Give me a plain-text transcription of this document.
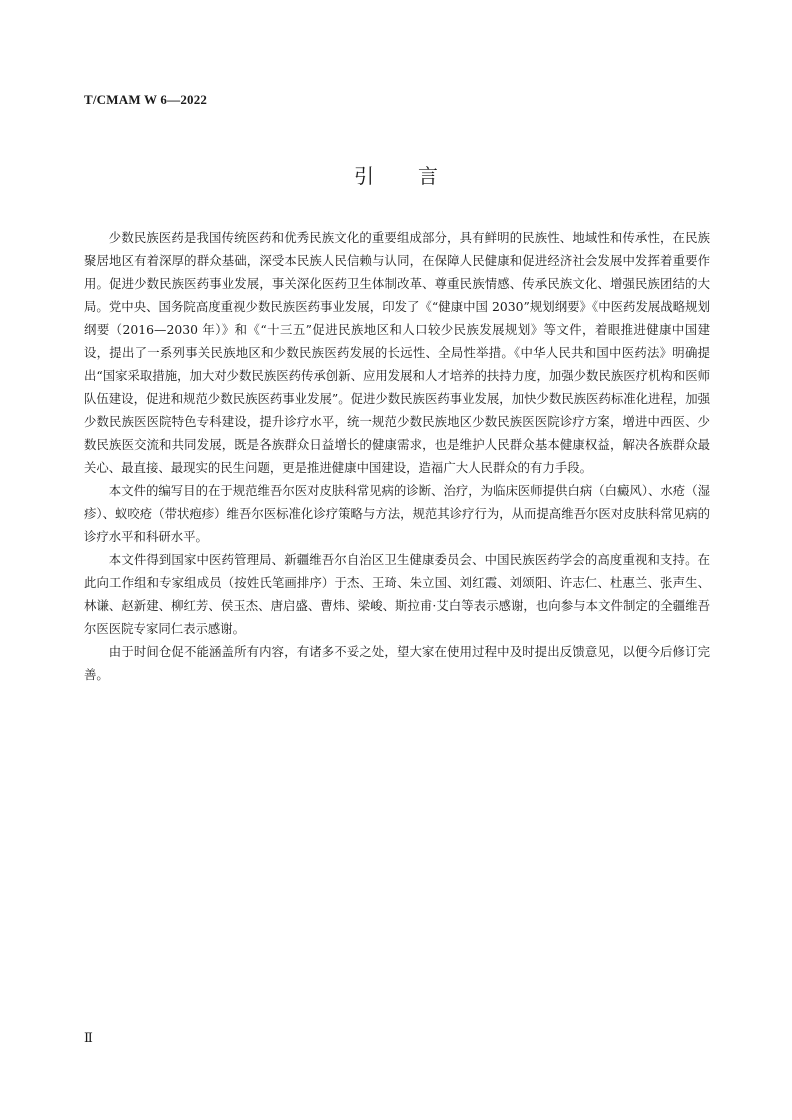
T/CMAM W 6—2022
引言

少数民族医药是我国传统医药和优秀民族文化的重要组成部分，具有鲜明的民族性、地域性和传承性，在民族聚居地区有着深厚的群众基础，深受本民族人民信赖与认同，在保障人民健康和促进经济社会发展中发挥着重要作用。促进少数民族医药事业发展，事关深化医药卫生体制改革、尊重民族情感、传承民族文化、增强民族团结的大局。党中央、国务院高度重视少数民族医药事业发展，印发了《“健康中国 2030”规划纲要》《中医药发展战略规划纲要（2016—2030 年）》和《“十三五”促进民族地区和人口较少民族发展规划》等文件，着眼推进健康中国建设，提出了一系列事关民族地区和少数民族医药发展的长远性、全局性举措。《中华人民共和国中医药法》明确提出“国家采取措施，加大对少数民族医药传承创新、应用发展和人才培养的扶持力度，加强少数民族医疗机构和医师队伍建设，促进和规范少数民族医药事业发展”。促进少数民族医药事业发展，加快少数民族医药标准化进程，加强少数民族医医院特色专科建设，提升诊疗水平，统一规范少数民族地区少数民族医医院诊疗方案，增进中西医、少数民族医交流和共同发展，既是各族群众日益增长的健康需求，也是维护人民群众基本健康权益，解决各族群众最关心、最直接、最现实的民生问题，更是推进健康中国建设，造福广大人民群众的有力手段。

本文件的编写目的在于规范维吾尔医对皮肤科常见病的诊断、治疗，为临床医师提供白病（白癜风）、水疮（湿疹）、蚁咬疮（带状疱疹）维吾尔医标准化诊疗策略与方法，规范其诊疗行为，从而提高维吾尔医对皮肤科常见病的诊疗水平和科研水平。

本文件得到国家中医药管理局、新疆维吾尔自治区卫生健康委员会、中国民族医药学会的高度重视和支持。在此向工作组和专家组成员（按姓氏笔画排序）于杰、王琦、朱立国、刘红霞、刘颂阳、许志仁、杜惠兰、张声生、林谦、赵新建、柳红芳、侯玉杰、唐启盛、曹炜、梁峻、斯拉甫·艾白等表示感谢，也向参与本文件制定的全疆维吾尔医医院专家同仁表示感谢。

由于时间仓促不能涵盖所有内容，有诸多不妥之处，望大家在使用过程中及时提出反馈意见，以便今后修订完善。

Ⅱ
